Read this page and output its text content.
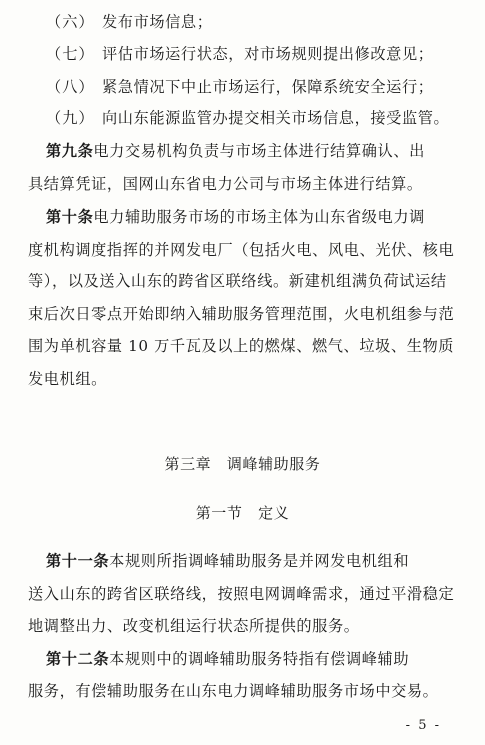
（六） 发布市场信息；
（七） 评估市场运行状态，对市场规则提出修改意见；
（八） 紧急情况下中止市场运行，保障系统安全运行；
（九） 向山东能源监管办提交相关市场信息，接受监管。
第九条电力交易机构负责与市场主体进行结算确认、出
具结算凭证，国网山东省电力公司与市场主体进行结算。
第十条电力辅助服务市场的市场主体为山东省级电力调
度机构调度指挥的并网发电厂（包括火电、风电、光伏、核电
等），以及送入山东的跨省区联络线。新建机组满负荷试运结
束后次日零点开始即纳入辅助服务管理范围，火电机组参与范
围为单机容量 10 万千瓦及以上的燃煤、燃气、垃圾、生物质
发电机组。
第三章　调峰辅助服务
第一节　定义
第十一条本规则所指调峰辅助服务是并网发电机组和
送入山东的跨省区联络线，按照电网调峰需求，通过平滑稳定
地调整出力、改变机组运行状态所提供的服务。
第十二条本规则中的调峰辅助服务特指有偿调峰辅助
服务，有偿辅助服务在山东电力调峰辅助服务市场中交易。
- 5 -
